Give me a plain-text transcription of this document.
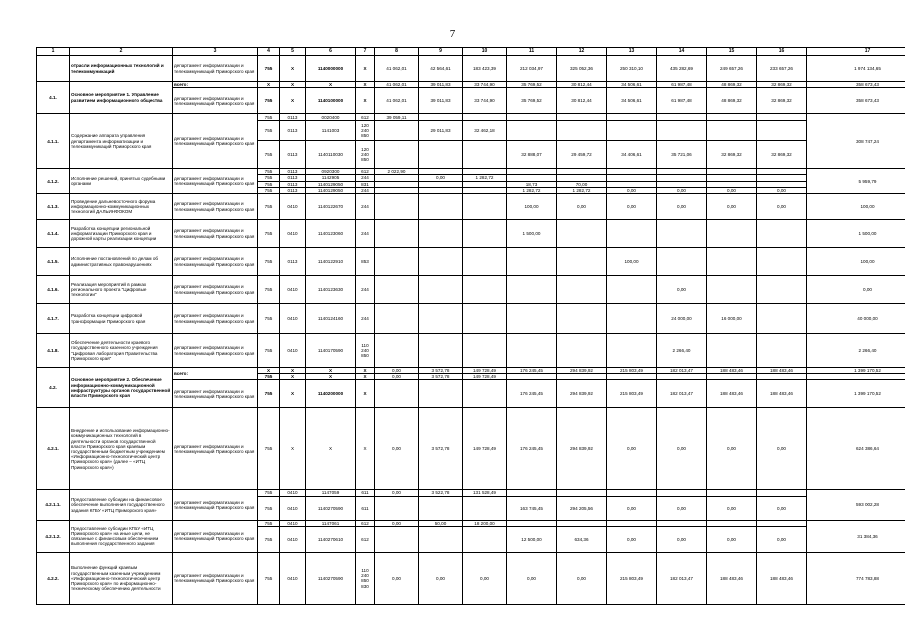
7
1	2	3	4	5	6	7	8	9	10	11	12	13	14	15	16	17
	отрасли информационных технологий и телекоммуникаций	департамент информатизации и телекоммуникаций Приморского края	755	Х	1140000000	Х	41 062,01	42 564,61	183 423,39	212 034,97	325 052,36	250 310,10	435 282,69	249 657,26	233 657,26	1 974 134,65
4.1.	Основное мероприятие 1. Управление развитием информационного общества	всего:	Х	Х	Х	Х	41 062,01	39 011,83	33 744,90	35 769,52	30 812,44	34 506,61	61 987,48	48 869,32	32 869,32	358 673,43
		департамент информатизации и телекоммуникаций Приморского края	755	Х	1140100000	Х	41 062,01	39 011,83	33 744,90	35 769,52	30 812,44	34 506,61	61 987,48	48 869,32	32 869,32	358 673,43
4.1.1.	Содержание аппарата управления департамента информатизации и телекоммуникаций Приморского края	департамент информатизации и телекоммуникаций Приморского края	755	0113	0020400	612	39 059,11									308 747,24
			755	0113	1141003	120 240 850		29 011,83	32 462,18							
			755	0113	1140110030	120 240 850				32 888,07	29 459,72	34 406,61	35 721,06	32 869,32	32 869,32	
4.1.2.	Исполнение решений, принятых судебными органами	департамент информатизации и телекоммуникаций Приморского края	755	0113	0920300	612	2 022,90									5 959,79
			755	0113	1142905	244		0,00	1 282,72							
			755	0113	1140129050	831				18,73	70,00					
			755	0113	1140129050	244				1 282,72	1 282,72	0,00	0,00	0,00	0,00	
4.1.3.	Проведение дальневосточного форума информационно-коммуникационных технологий ДАЛЬИНФОКОМ	департамент информатизации и телекоммуникаций Приморского края	755	0410	1140122670	244				100,00	0,00	0,00	0,00	0,00	0,00	100,00
4.1.4.	Разработка концепции региональной информатизации Приморского края и дорожной карты реализации концепции	департамент информатизации и телекоммуникаций Приморского края	755	0410	1140123060	244				1 500,00						1 500,00
4.1.5.	Исполнение постановлений по делам об административных правонарушениях	департамент информатизации и телекоммуникаций Приморского края	755	0113	1140122910	853						100,00				100,00
4.1.6.	Реализация мероприятий в рамках регионального проекта "Цифровые технологии"	департамент информатизации и телекоммуникаций Приморского края	755	0410	1140123630	244							0,00			0,00
4.1.7.	Разработка концепции цифровой трансформации Приморского края	департамент информатизации и телекоммуникаций Приморского края	755	0410	1140124160	244							24 000,00	16 000,00		40 000,00
4.1.8.	Обеспечение деятельности краевого государственного казенного учреждения "Цифровая лаборатория Правительства Приморского края"	департамент информатизации и телекоммуникаций Приморского края	755	0410	1140170590	110 240 850							2 266,40			2 266,40
4.2.	Основное мероприятие 2. Обеспечение информационно-коммуникационной инфраструктуры органов государственной власти Приморского края	всего:	Х	Х	Х	Х	0,00	3 572,78	149 728,49	176 245,45	294 839,92	215 803,49	182 013,47	188 483,46	188 483,46	1 399 170,52
			755	Х	Х	Х	0,00	3 572,78	149 728,49							
		департамент информатизации и телекоммуникаций Приморского края	755	Х	1140200000	Х				176 245,45	294 839,92	215 803,49	182 013,47	188 483,46	188 483,46	1 399 170,52
4.2.1.	Внедрение и использование информационно-коммуникационных технологий в деятельности органов государственной власти Приморского края краевым государственным бюджетным учреждением «Информационно-технологический центр Приморского края» (далее – «ИТЦ Приморского края»)	департамент информатизации и телекоммуникаций Приморского края	755	Х	Х	Х	0,00	3 572,78	149 728,49	176 245,45	294 839,92	0,00	0,00	0,00	0,00	624 386,64
4.2.1.1.	Предоставление субсидии на финансовое обеспечение выполнения государственного задания КГБУ «ИТЦ Приморского края»	департамент информатизации и телекоммуникаций Приморского края	755	0410	1147059	611	0,00	3 522,78	131 528,49							593 002,28
			755	0410	1140270590	611				163 745,45	294 205,56	0,00	0,00	0,00	0,00	
4.2.1.2.	Предоставление субсидии КГБУ «ИТЦ Приморского края» на иные цели, не связанные с финансовым обеспечением выполнения государственного задания	департамент информатизации и телекоммуникаций Приморского края	755	0410	1147061	612	0,00	50,00	18 200,00							31 384,36
			755	0410	1140270610	612				12 500,00	634,36	0,00	0,00	0,00	0,00	
4.2.2.	Выполнение функций краевым государственным казенным учреждением «Информационно-технологический центр Приморского края» по информационно-техническому обеспечению деятельности	департамент информатизации и телекоммуникаций Приморского края	755	0410	1140270590	110 240 850 830	0,00	0,00	0,00	0,00	0,00	215 803,49	182 013,47	188 483,46	188 483,46	774 783,88
